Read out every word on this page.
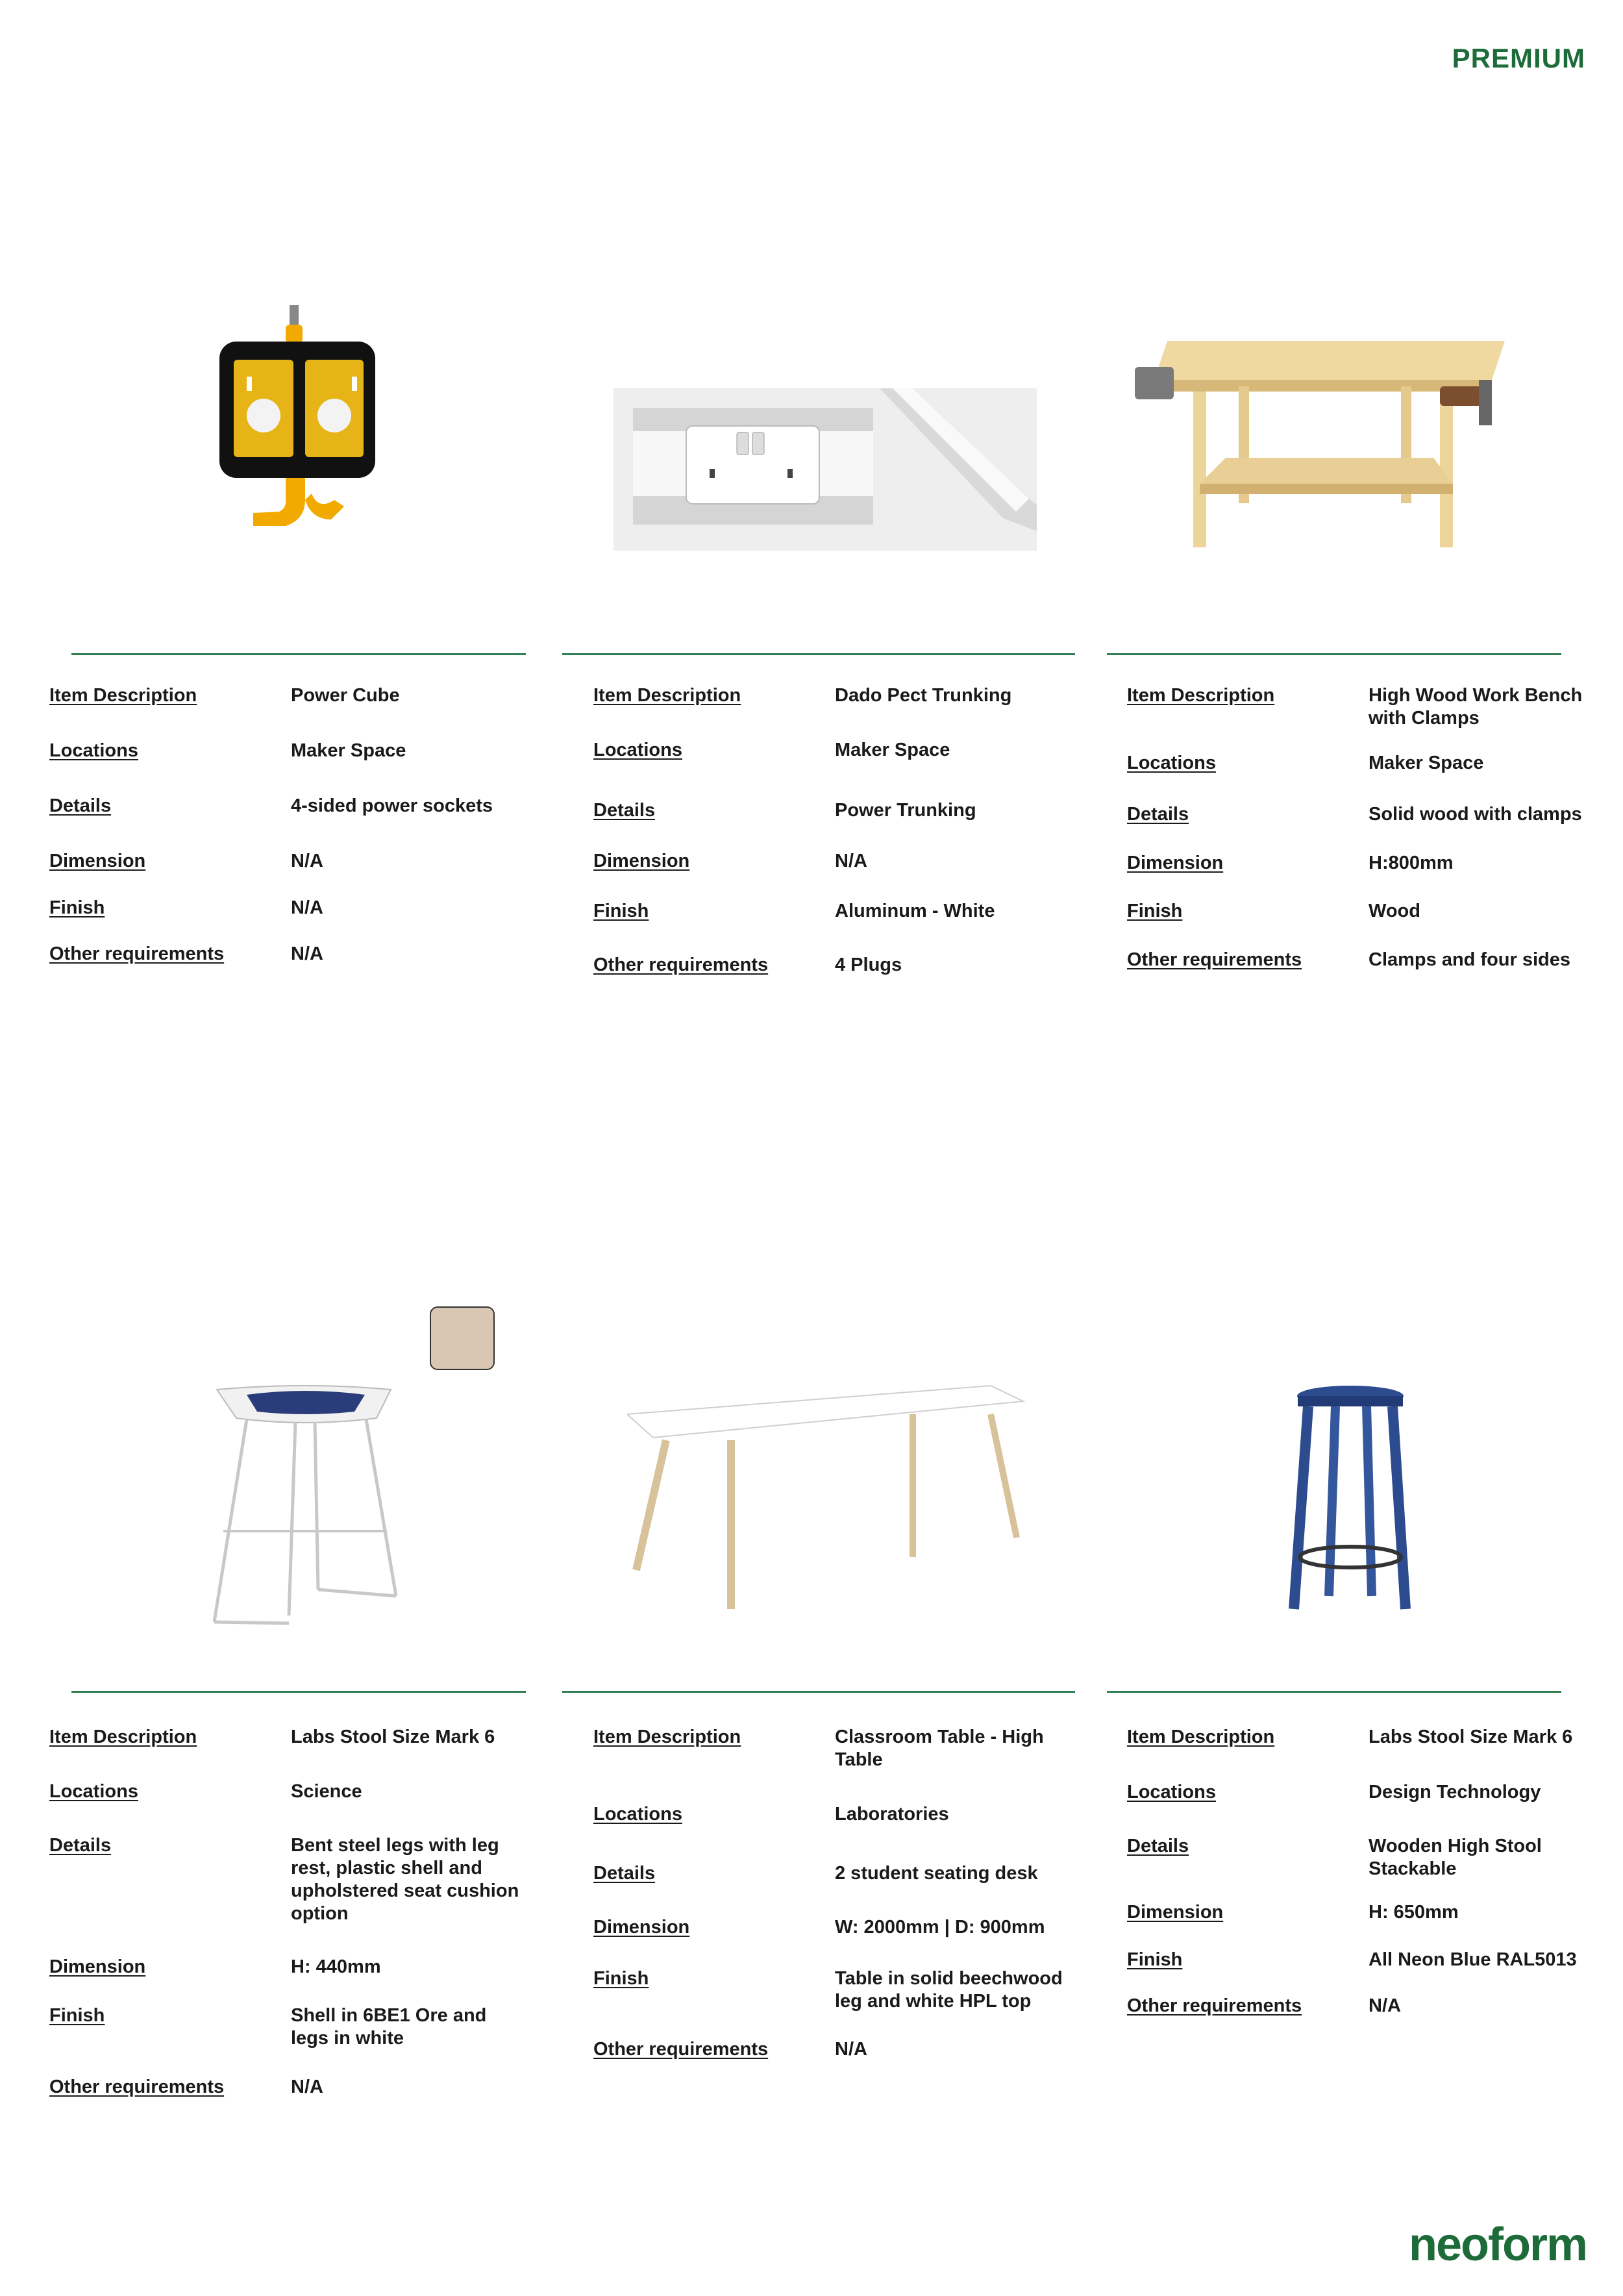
PREMIUM
Item Description	Power Cube
Locations	Maker Space
Details	4-sided power sockets
Dimension	N/A
Finish	N/A
Other requirements	N/A
Item Description	Dado Pect Trunking
Locations	Maker Space
Details	Power Trunking
Dimension	N/A
Finish	Aluminum - White
Other requirements	4 Plugs
Item Description	High Wood Work Bench with Clamps
Locations	Maker Space
Details	Solid wood with clamps
Dimension	H:800mm
Finish	Wood
Other requirements	Clamps and four sides
Item Description	Labs Stool Size Mark 6
Locations	Science
Details	Bent steel legs with leg rest, plastic shell and upholstered seat cushion option
Dimension	H: 440mm
Finish	Shell in 6BE1 Ore and legs in white
Other requirements	N/A
Item Description	Classroom Table - High Table
Locations	Laboratories
Details	2 student seating desk
Dimension	W: 2000mm | D: 900mm
Finish	Table in solid beechwood leg and white HPL top
Other requirements	N/A
Item Description	Labs Stool Size Mark 6
Locations	Design Technology
Details	Wooden High Stool Stackable
Dimension	H: 650mm
Finish	All Neon Blue RAL5013
Other requirements	N/A
neoform
